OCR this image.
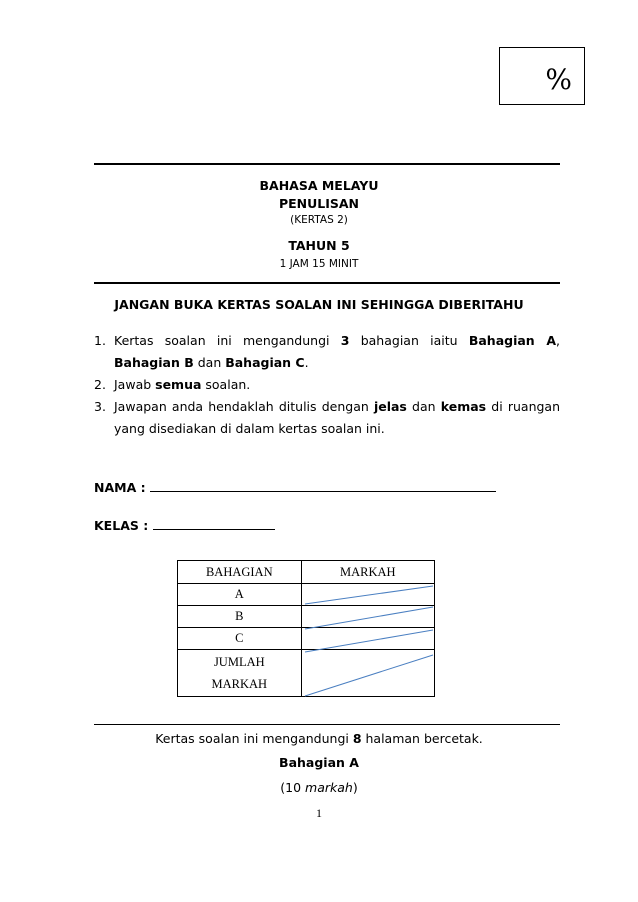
%
BAHASA MELAYU
PENULISAN
(KERTAS 2)
TAHUN 5
1 JAM 15 MINIT
JANGAN BUKA KERTAS SOALAN INI SEHINGGA DIBERITAHU
1. Kertas soalan ini mengandungi 3 bahagian iaitu Bahagian A, Bahagian B dan Bahagian C.
2. Jawab semua soalan.
3. Jawapan anda hendaklah ditulis dengan jelas dan kemas di ruangan yang disediakan di dalam kertas soalan ini.
NAMA :
KELAS :
BAHAGIAN	MARKAH
A	
B	
C	

JUMLAH
MARKAH	

Kertas soalan ini mengandungi 8 halaman bercetak.
Bahagian A
(10 markah)
1
